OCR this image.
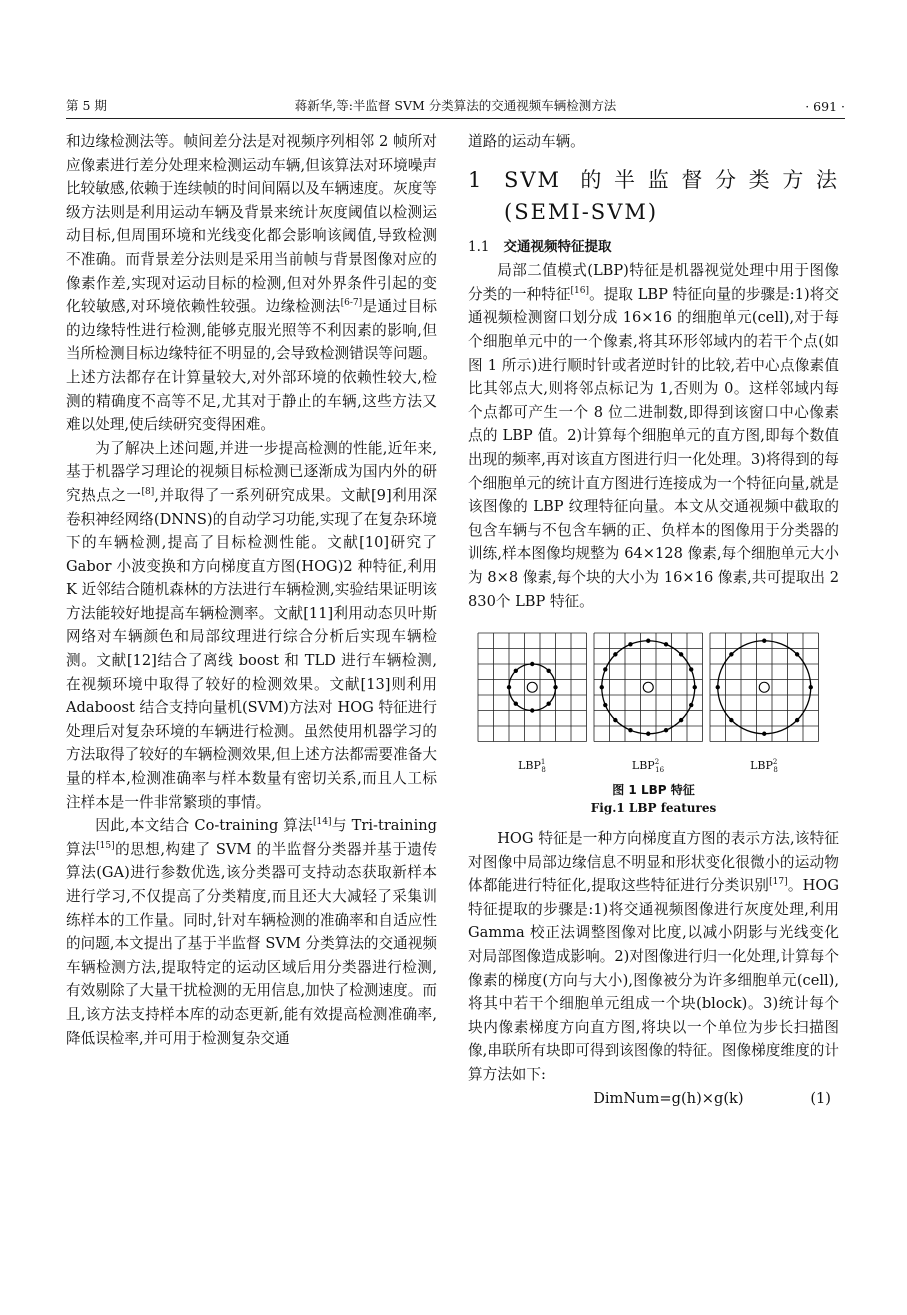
第 5 期	蒋新华,等:半监督 SVM 分类算法的交通视频车辆检测方法	· 691 ·

和边缘检测法等。帧间差分法是对视频序列相邻 2 帧所对应像素进行差分处理来检测运动车辆,但该算法对环境噪声比较敏感,依赖于连续帧的时间间隔以及车辆速度。灰度等级方法则是利用运动车辆及背景来统计灰度阈值以检测运动目标,但周围环境和光线变化都会影响该阈值,导致检测不准确。而背景差分法则是采用当前帧与背景图像对应的像素作差,实现对运动目标的检测,但对外界条件引起的变化较敏感,对环境依赖性较强。边缘检测法[6-7]是通过目标的边缘特性进行检测,能够克服光照等不利因素的影响,但当所检测目标边缘特征不明显的,会导致检测错误等问题。上述方法都存在计算量较大,对外部环境的依赖性较大,检测的精确度不高等不足,尤其对于静止的车辆,这些方法又难以处理,使后续研究变得困难。

为了解决上述问题,并进一步提高检测的性能,近年来,基于机器学习理论的视频目标检测已逐渐成为国内外的研究热点之一[8],并取得了一系列研究成果。文献[9]利用深卷积神经网络(DNNS)的自动学习功能,实现了在复杂环境下的车辆检测,提高了目标检测性能。文献[10]研究了 Gabor 小波变换和方向梯度直方图(HOG)2 种特征,利用 K 近邻结合随机森林的方法进行车辆检测,实验结果证明该方法能较好地提高车辆检测率。文献[11]利用动态贝叶斯网络对车辆颜色和局部纹理进行综合分析后实现车辆检测。文献[12]结合了离线 boost 和 TLD 进行车辆检测,在视频环境中取得了较好的检测效果。文献[13]则利用 Adaboost 结合支持向量机(SVM)方法对 HOG 特征进行处理后对复杂环境的车辆进行检测。虽然使用机器学习的方法取得了较好的车辆检测效果,但上述方法都需要准备大量的样本,检测准确率与样本数量有密切关系,而且人工标注样本是一件非常繁琐的事情。

因此,本文结合 Co-training 算法[14]与 Tri-training 算法[15]的思想,构建了 SVM 的半监督分类器并基于遗传算法(GA)进行参数优选,该分类器可支持动态获取新样本进行学习,不仅提高了分类精度,而且还大大减轻了采集训练样本的工作量。同时,针对车辆检测的准确率和自适应性的问题,本文提出了基于半监督 SVM 分类算法的交通视频车辆检测方法,提取特定的运动区域后用分类器进行检测,有效剔除了大量干扰检测的无用信息,加快了检测速度。而且,该方法支持样本库的动态更新,能有效提高检测准确率,降低误检率,并可用于检测复杂交通

道路的运动车辆。

1 SVM 的半监督分类方法(SEMI-SVM)
1.1 交通视频特征提取

局部二值模式(LBP)特征是机器视觉处理中用于图像分类的一种特征[16]。提取 LBP 特征向量的步骤是:1)将交通视频检测窗口划分成 16×16 的细胞单元(cell),对于每个细胞单元中的一个像素,将其环形邻域内的若干个点(如图 1 所示)进行顺时针或者逆时针的比较,若中心点像素值比其邻点大,则将邻点标记为 1,否则为 0。这样邻域内每个点都可产生一个 8 位二进制数,即得到该窗口中心像素点的 LBP 值。2)计算每个细胞单元的直方图,即每个数值出现的频率,再对该直方图进行归一化处理。3)将得到的每个细胞单元的统计直方图进行连接成为一个特征向量,就是该图像的 LBP 纹理特征向量。本文从交通视频中截取的包含车辆与不包含车辆的正、负样本的图像用于分类器的训练,样本图像均规整为 64×128 像素,每个细胞单元大小为 8×8 像素,每个块的大小为 16×16 像素,共可提取出 2 830个 LBP 特征。

LBP$^1$ 8	LBP$^2$ 16	LBP$^2$ 8
图 1 LBP 特征
Fig.1 LBP features

HOG 特征是一种方向梯度直方图的表示方法,该特征对图像中局部边缘信息不明显和形状变化很微小的运动物体都能进行特征化,提取这些特征进行分类识别[17]。HOG 特征提取的步骤是:1)将交通视频图像进行灰度处理,利用 Gamma 校正法调整图像对比度,以减小阴影与光线变化对局部图像造成影响。2)对图像进行归一化处理,计算每个像素的梯度(方向与大小),图像被分为许多细胞单元(cell),将其中若干个细胞单元组成一个块(block)。3)统计每个块内像素梯度方向直方图,将块以一个单位为步长扫描图像,串联所有块即可得到该图像的特征。图像梯度维度的计算方法如下:

DimNum=g(h)×g(k)	(1)
